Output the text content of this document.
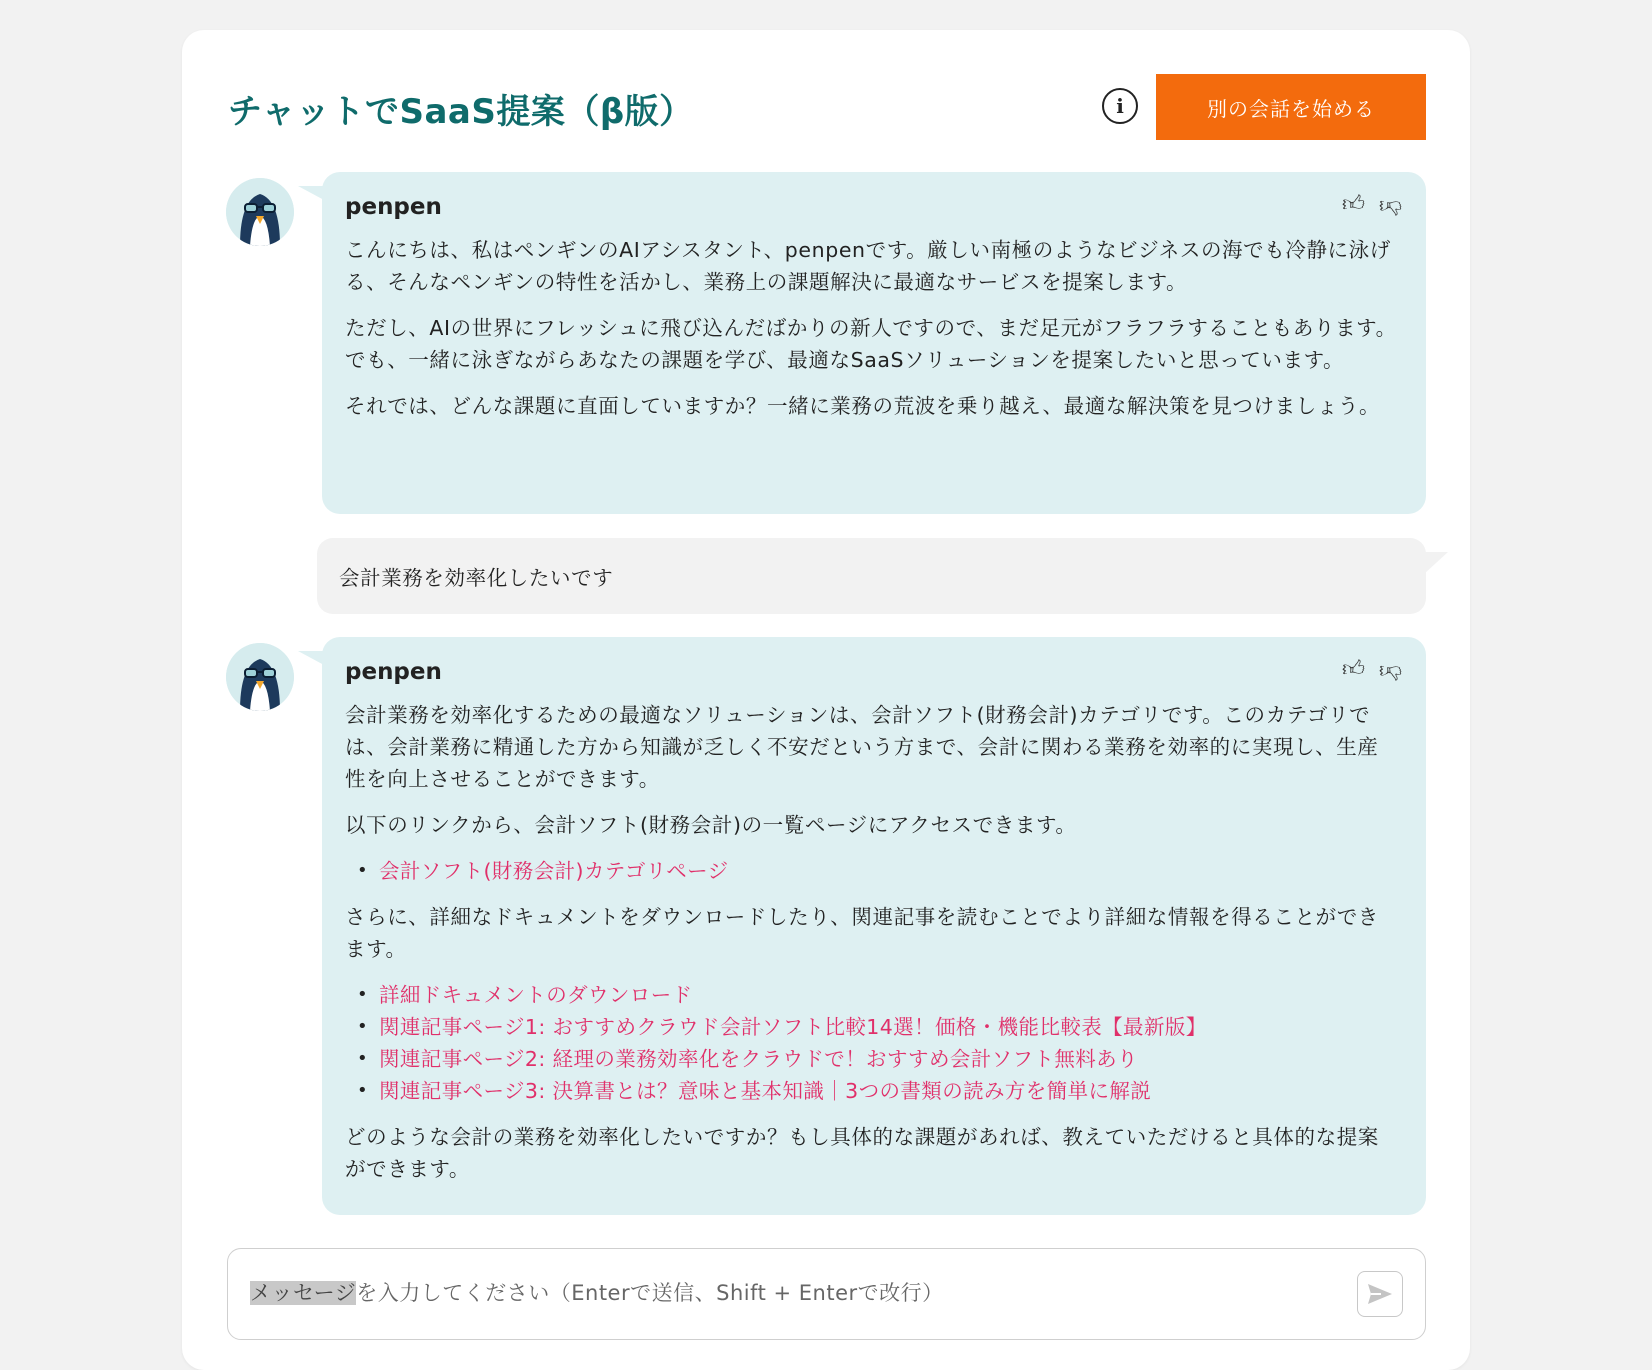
チャットでSaaS提案（β版）	i	別の会話を始める
penpen	👍︎ 👍︎
こんにちは、私はペンギンのAIアシスタント、penpenです。厳しい南極のようなビジネスの海でも冷静に泳げる、そんなペンギンの特性を活かし、業務上の課題解決に最適なサービスを提案します。
ただし、AIの世界にフレッシュに飛び込んだばかりの新人ですので、まだ足元がフラフラすることもあります。でも、一緒に泳ぎながらあなたの課題を学び、最適なSaaSソリューションを提案したいと思っています。
それでは、どんな課題に直面していますか？一緒に業務の荒波を乗り越え、最適な解決策を見つけましょう。
会計業務を効率化したいです
penpen	👍︎ 👍︎
会計業務を効率化するための最適なソリューションは、会計ソフト(財務会計)カテゴリです。このカテゴリでは、会計業務に精通した方から知識が乏しく不安だという方まで、会計に関わる業務を効率的に実現し、生産性を向上させることができます。
以下のリンクから、会計ソフト(財務会計)の一覧ページにアクセスできます。
• 会計ソフト(財務会計)カテゴリページ
さらに、詳細なドキュメントをダウンロードしたり、関連記事を読むことでより詳細な情報を得ることができます。
• 詳細ドキュメントのダウンロード
• 関連記事ページ1: おすすめクラウド会計ソフト比較14選！価格・機能比較表【最新版】
• 関連記事ページ2: 経理の業務効率化をクラウドで！おすすめ会計ソフト無料あり
• 関連記事ページ3: 決算書とは？意味と基本知識｜3つの書類の読み方を簡単に解説
どのような会計の業務を効率化したいですか？もし具体的な課題があれば、教えていただけると具体的な提案ができます。
メッセージを入力してください（Enterで送信、Shift + Enterで改行）
